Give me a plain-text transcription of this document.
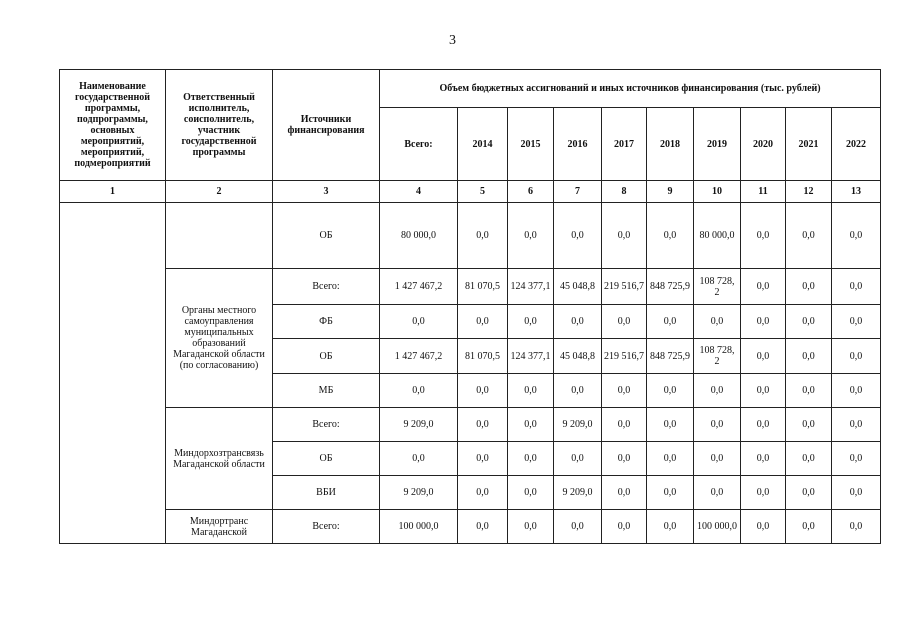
3
Наименование государственной программы, подпрограммы, основных мероприятий, мероприятий, подмероприятий	Ответственный исполнитель, соисполнитель, участник государственной программы	Источники финансирования	Объем бюджетных ассигнований и иных источников финансирования (тыс. рублей)									
			Всего:	2014	2015	2016	2017	2018	2019	2020	2021	2022
1	2	3	4	5	6	7	8	9	10	11	12	13
		ОБ	80 000,0	0,0	0,0	0,0	0,0	0,0	80 000,0	0,0	0,0	0,0
	Органы местного самоуправления муниципальных образований Магаданской области (по согласованию)	Всего:	1 427 467,2	81 070,5	124 377,1	45 048,8	219 516,7	848 725,9	108 728, 2	0,0	0,0	0,0
		ФБ	0,0	0,0	0,0	0,0	0,0	0,0	0,0	0,0	0,0	0,0
		ОБ	1 427 467,2	81 070,5	124 377,1	45 048,8	219 516,7	848 725,9	108 728, 2	0,0	0,0	0,0
		МБ	0,0	0,0	0,0	0,0	0,0	0,0	0,0	0,0	0,0	0,0
	Миндорхозтрансвязь Магаданской области	Всего:	9 209,0	0,0	0,0	9 209,0	0,0	0,0	0,0	0,0	0,0	0,0
		ОБ	0,0	0,0	0,0	0,0	0,0	0,0	0,0	0,0	0,0	0,0
		ВБИ	9 209,0	0,0	0,0	9 209,0	0,0	0,0	0,0	0,0	0,0	0,0
	Миндортранс Магаданской	Всего:	100 000,0	0,0	0,0	0,0	0,0	0,0	100 000,0	0,0	0,0	0,0
